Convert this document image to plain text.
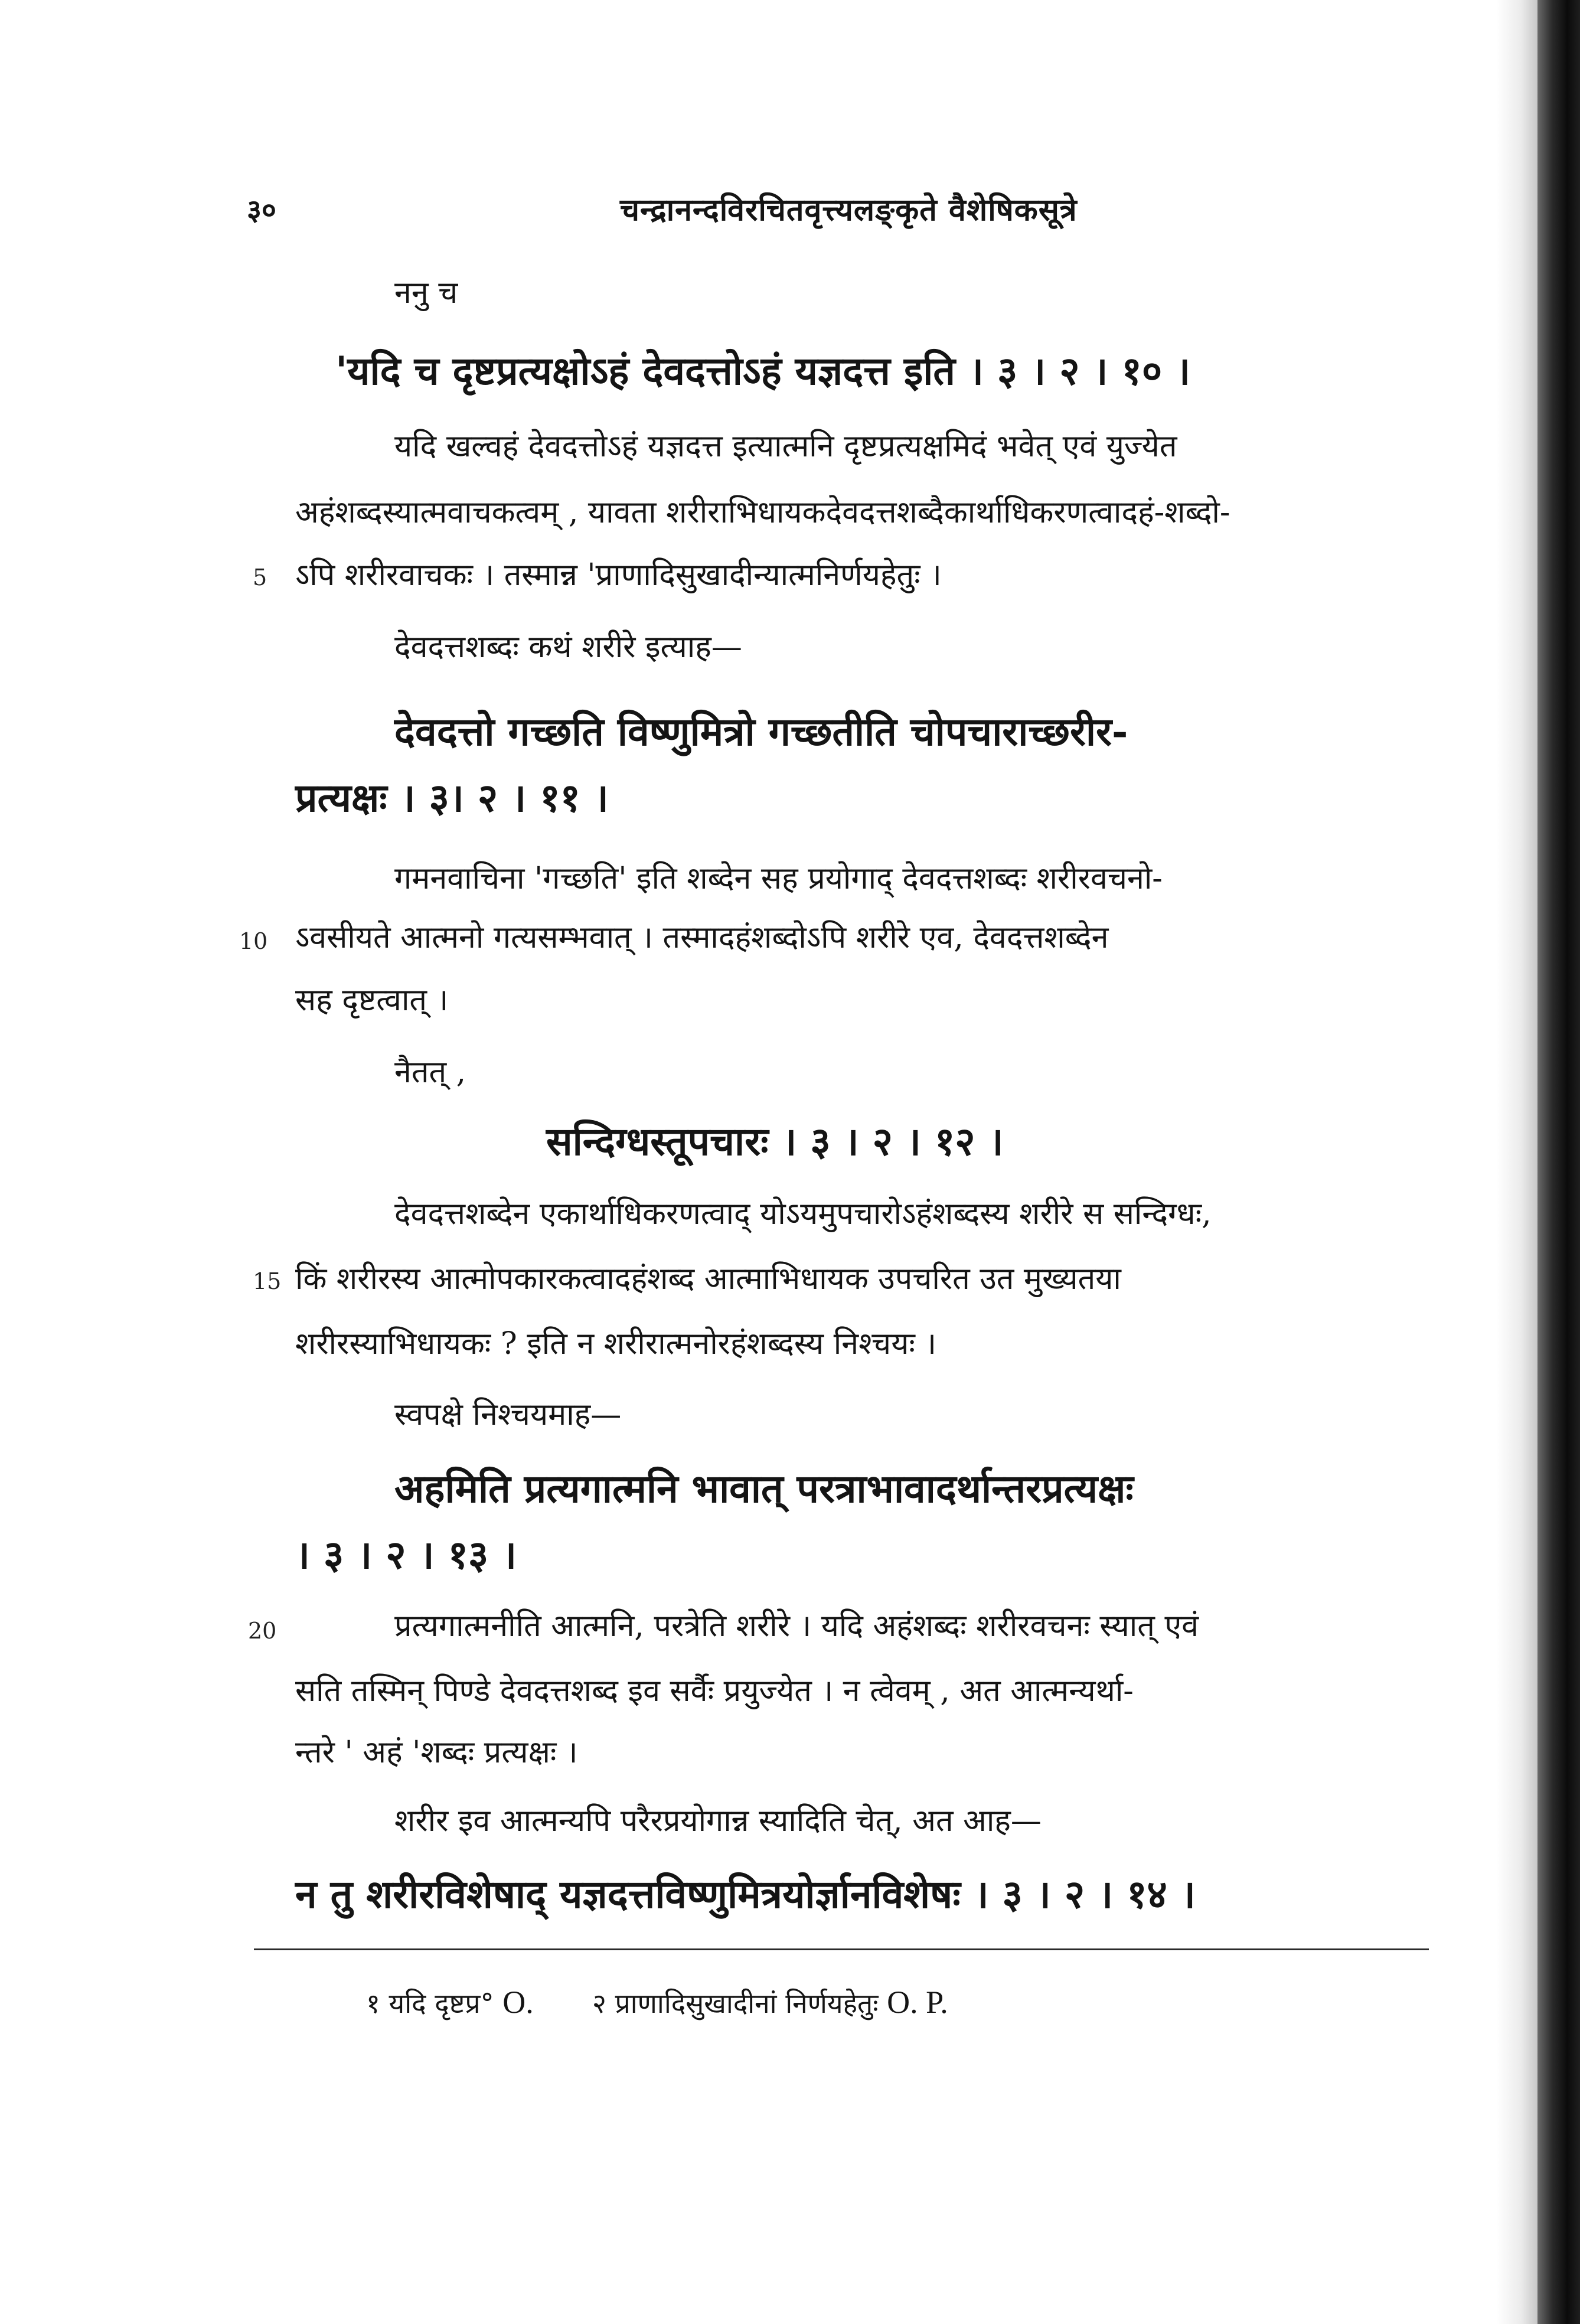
३०	चन्द्रानन्दविरचितवृत्त्यलङ्कृते वैशेषिकसूत्रे
ननु च
'यदि च दृष्टप्रत्यक्षोऽहं देवदत्तोऽहं यज्ञदत्त इति । ३ । २ । १० ।
यदि खल्वहं देवदत्तोऽहं यज्ञदत्त इत्यात्मनि दृष्टप्रत्यक्षमिदं भवेत् एवं युज्येत
अहंशब्दस्यात्मवाचकत्वम् , यावता शरीराभिधायकदेवदत्तशब्दैकार्थाधिकरणत्वादहं-शब्दो-
5 ऽपि शरीरवाचकः । तस्मान्न 'प्राणादिसुखादीन्यात्मनिर्णयहेतुः ।
देवदत्तशब्दः कथं शरीरे इत्याह—
देवदत्तो गच्छति विष्णुमित्रो गच्छतीति चोपचाराच्छरीर-
प्रत्यक्षः । ३। २ । ११ ।
गमनवाचिना 'गच्छति' इति शब्देन सह प्रयोगाद् देवदत्तशब्दः शरीरवचनो-
10 ऽवसीयते आत्मनो गत्यसम्भवात् । तस्मादहंशब्दोऽपि शरीरे एव, देवदत्तशब्देन
सह दृष्टत्वात् ।
नैतत् ,
सन्दिग्धस्तूपचारः । ३ । २ । १२ ।
देवदत्तशब्देन एकार्थाधिकरणत्वाद् योऽयमुपचारोऽहंशब्दस्य शरीरे स सन्दिग्धः,
15 किं शरीरस्य आत्मोपकारकत्वादहंशब्द आत्माभिधायक उपचरित उत मुख्यतया
शरीरस्याभिधायकः ? इति न शरीरात्मनोरहंशब्दस्य निश्चयः ।
स्वपक्षे निश्चयमाह—
अहमिति प्रत्यगात्मनि भावात् परत्राभावादर्थान्तरप्रत्यक्षः
। ३ । २ । १३ ।
20	प्रत्यगात्मनीति आत्मनि, परत्रेति शरीरे । यदि अहंशब्दः शरीरवचनः स्यात् एवं
सति तस्मिन् पिण्डे देवदत्तशब्द इव सर्वैः प्रयुज्येत । न त्वेवम् , अत आत्मन्यर्था-
न्तरे ' अहं 'शब्दः प्रत्यक्षः ।
शरीर इव आत्मन्यपि परैरप्रयोगान्न स्यादिति चेत्, अत आह—
न तु शरीरविशेषाद् यज्ञदत्तविष्णुमित्रयोर्ज्ञानविशेषः । ३ । २ । १४ ।
१ यदि दृष्टप्र° O. २ प्राणादिसुखादीनां निर्णयहेतुः O. P.
